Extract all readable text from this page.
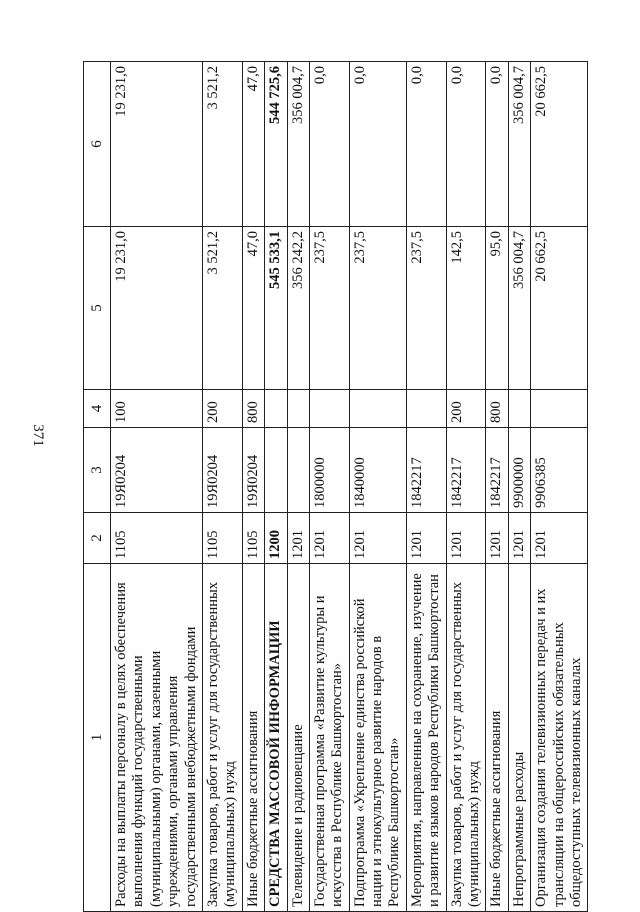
371
1	2	3	4	5	6
Расходы на выплаты персоналу в целях обеспечения выполнения функций государственными (муниципальными) органами, казенными учреждениями, органами управления государственными внебюджетными фондами	1105	19Я0204	100	19 231,0	19 231,0
Закупка товаров, работ и услуг для государственных (муниципальных) нужд	1105	19Я0204	200	3 521,2	3 521,2
Иные бюджетные ассигнования	1105	19Я0204	800	47,0	47,0
СРЕДСТВА МАССОВОЙ ИНФОРМАЦИИ	1200			545 533,1	544 725,6
Телевидение и радиовещание	1201			356 242,2	356 004,7
Государственная программа «Развитие культуры и искусства в Республике Башкортостан»	1201	1800000		237,5	0,0
Подпрограмма «Укрепление единства российской нации и этнокультурное развитие народов в Республике Башкортостан»	1201	1840000		237,5	0,0
Мероприятия, направленные на сохранение, изучение и развитие языков народов Республики Башкортостан	1201	1842217		237,5	0,0
Закупка товаров, работ и услуг для государственных (муниципальных) нужд	1201	1842217	200	142,5	0,0
Иные бюджетные ассигнования	1201	1842217	800	95,0	0,0
Непрограммные расходы	1201	9900000		356 004,7	356 004,7
Организация создания телевизионных передач и их трансляции на общероссийских обязательных общедоступных телевизионных каналах	1201	9906385		20 662,5	20 662,5
